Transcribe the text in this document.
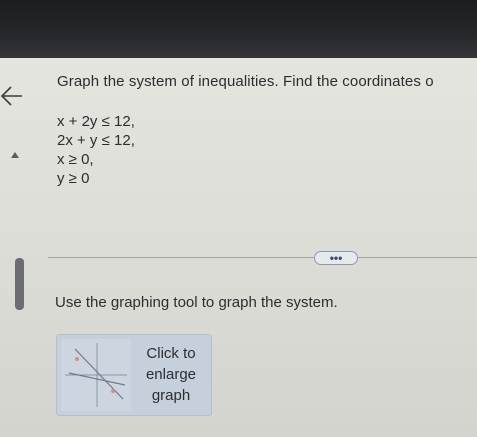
Graph the system of inequalities. Find the coordinates o
x + 2y ≤ 12,
2x + y ≤ 12,
x ≥ 0,
y ≥ 0
•••
Use the graphing tool to graph the system.
Click to
enlarge
graph
